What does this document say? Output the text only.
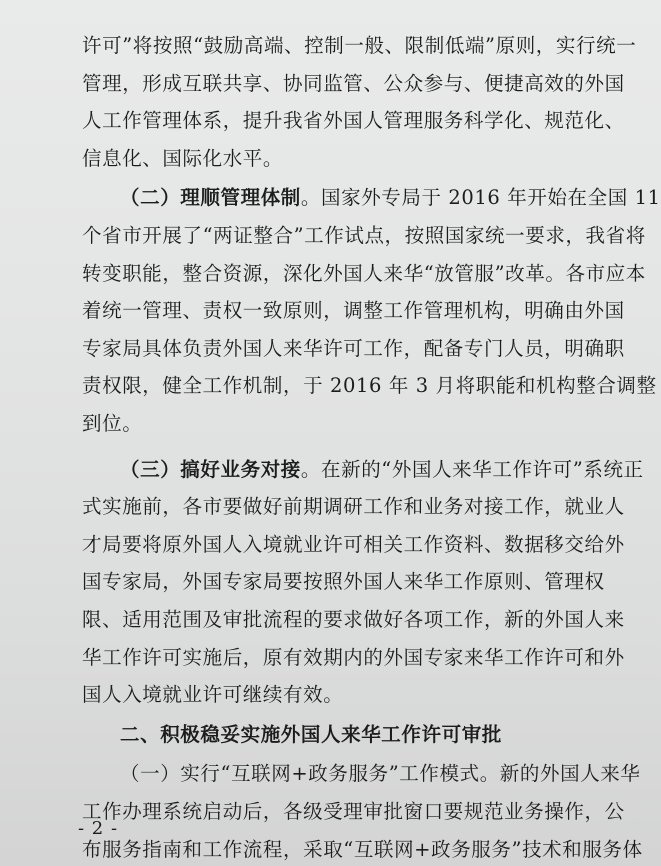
许可”将按照“鼓励高端、控制一般、限制低端”原则，实行统一
管理，形成互联共享、协同监管、公众参与、便捷高效的外国
人工作管理体系，提升我省外国人管理服务科学化、规范化、
信息化、国际化水平。
（二）理顺管理体制。国家外专局于 2016 年开始在全国 11
个省市开展了“两证整合”工作试点，按照国家统一要求，我省将
转变职能，整合资源，深化外国人来华“放管服”改革。各市应本
着统一管理、责权一致原则，调整工作管理机构，明确由外国
专家局具体负责外国人来华许可工作，配备专门人员，明确职
责权限，健全工作机制，于 2016 年 3 月将职能和机构整合调整
到位。
（三）搞好业务对接。在新的“外国人来华工作许可”系统正
式实施前，各市要做好前期调研工作和业务对接工作，就业人
才局要将原外国人入境就业许可相关工作资料、数据移交给外
国专家局，外国专家局要按照外国人来华工作原则、管理权
限、适用范围及审批流程的要求做好各项工作，新的外国人来
华工作许可实施后，原有效期内的外国专家来华工作许可和外
国人入境就业许可继续有效。
二、积极稳妥实施外国人来华工作许可审批
（一）实行“互联网+政务服务”工作模式。新的外国人来华
工作办理系统启动后，各级受理审批窗口要规范业务操作，公
布服务指南和工作流程，采取“互联网+政务服务”技术和服务体
- 2 -
